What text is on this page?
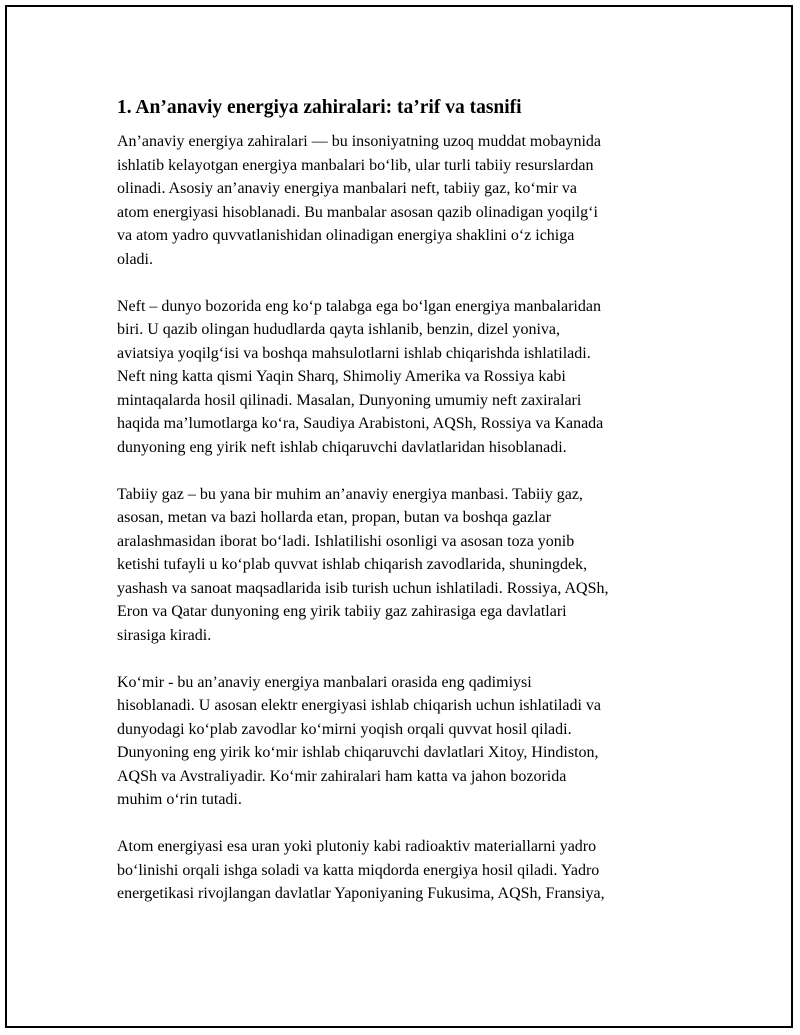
1. An’anaviy energiya zahiralari: ta’rif va tasnifi

An’anaviy energiya zahiralari — bu insoniyatning uzoq muddat mobaynida
ishlatib kelayotgan energiya manbalari bo‘lib, ular turli tabiiy resurslardan
olinadi. Asosiy an’anaviy energiya manbalari neft, tabiiy gaz, ko‘mir va
atom energiyasi hisoblanadi. Bu manbalar asosan qazib olinadigan yoqilg‘i
va atom yadro quvvatlanishidan olinadigan energiya shaklini o‘z ichiga
oladi.

Neft – dunyo bozorida eng ko‘p talabga ega bo‘lgan energiya manbalaridan
biri. U qazib olingan hududlarda qayta ishlanib, benzin, dizel yoniva,
aviatsiya yoqilg‘isi va boshqa mahsulotlarni ishlab chiqarishda ishlatiladi.
Neft ning katta qismi Yaqin Sharq, Shimoliy Amerika va Rossiya kabi
mintaqalarda hosil qilinadi. Masalan, Dunyoning umumiy neft zaxiralari
haqida ma’lumotlarga ko‘ra, Saudiya Arabistoni, AQSh, Rossiya va Kanada
dunyoning eng yirik neft ishlab chiqaruvchi davlatlaridan hisoblanadi.

Tabiiy gaz – bu yana bir muhim an’anaviy energiya manbasi. Tabiiy gaz,
asosan, metan va bazi hollarda etan, propan, butan va boshqa gazlar
aralashmasidan iborat bo‘ladi. Ishlatilishi osonligi va asosan toza yonib
ketishi tufayli u ko‘plab quvvat ishlab chiqarish zavodlarida, shuningdek,
yashash va sanoat maqsadlarida isib turish uchun ishlatiladi. Rossiya, AQSh,
Eron va Qatar dunyoning eng yirik tabiiy gaz zahirasiga ega davlatlari
sirasiga kiradi.

Ko‘mir - bu an’anaviy energiya manbalari orasida eng qadimiysi
hisoblanadi. U asosan elektr energiyasi ishlab chiqarish uchun ishlatiladi va
dunyodagi ko‘plab zavodlar ko‘mirni yoqish orqali quvvat hosil qiladi.
Dunyoning eng yirik ko‘mir ishlab chiqaruvchi davlatlari Xitoy, Hindiston,
AQSh va Avstraliyadir. Ko‘mir zahiralari ham katta va jahon bozorida
muhim o‘rin tutadi.

Atom energiyasi esa uran yoki plutoniy kabi radioaktiv materiallarni yadro
bo‘linishi orqali ishga soladi va katta miqdorda energiya hosil qiladi. Yadro
energetikasi rivojlangan davlatlar Yaponiyaning Fukusima, AQSh, Fransiya,
